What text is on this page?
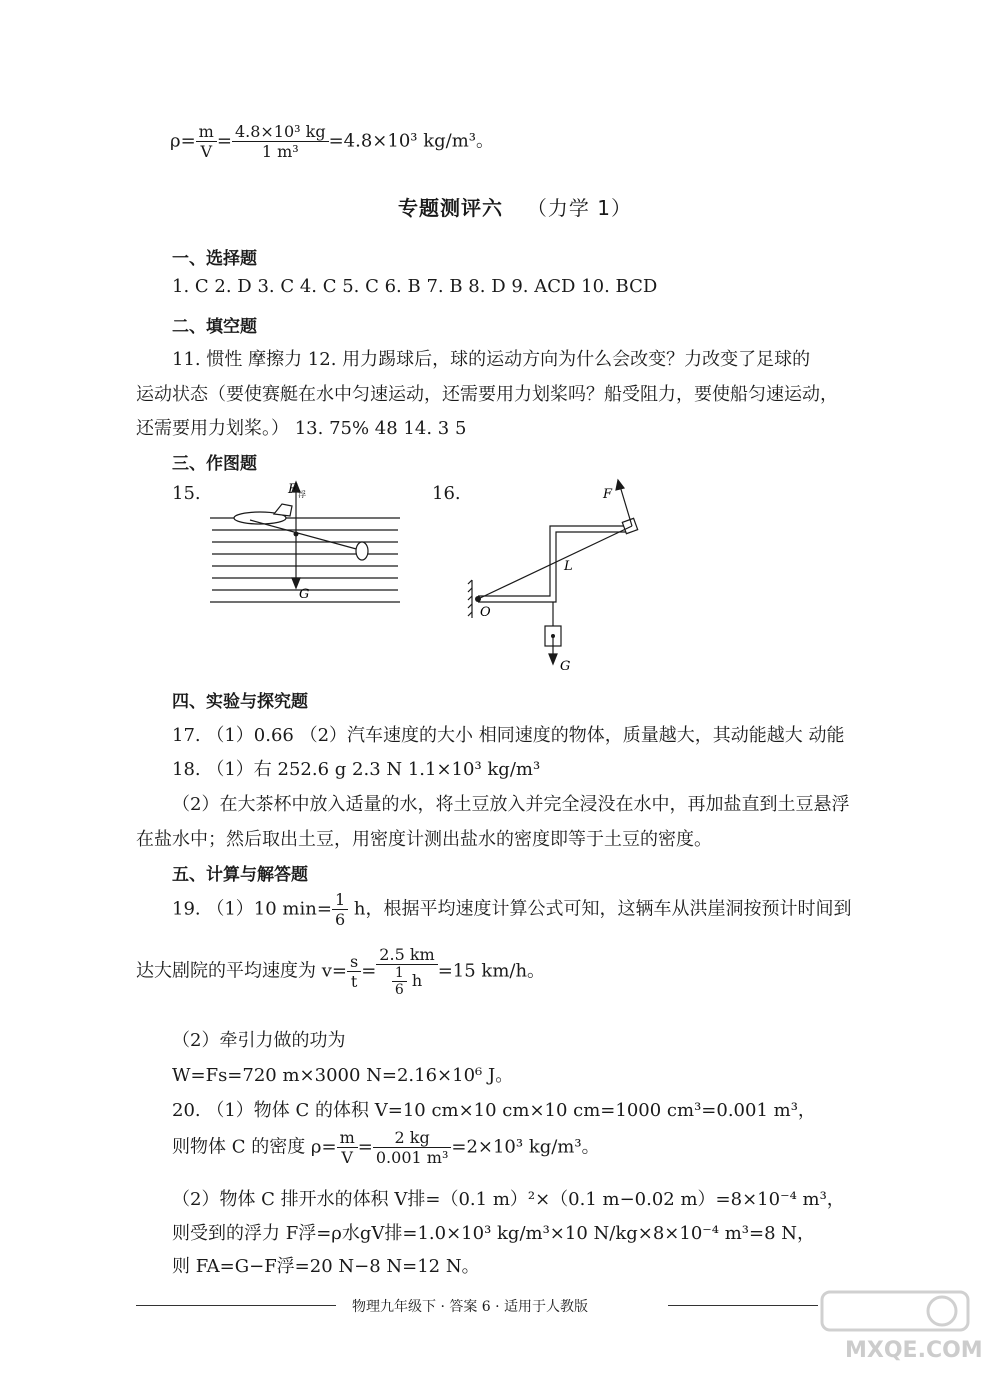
$\rho= \frac{m}{V} = \frac{\text{4.8×10³ kg}}{\text{1 m³}} =4.8\times 10^3$ kg/m³。
专题测评六 （力学 1）
一、选择题
1. C 2. D 3. C 4. C 5. C 6. B 7. B 8. D 9. ACD 10. BCD
二、填空题
11. 惯性 摩擦力 12. 用力踢球后，球的运动方向为什么会改变？力改变了足球的
运动状态（要使赛艇在水中匀速运动，还需要用力划桨吗？船受阻力，要使船匀速运动，
还需要用力划桨。） 13. 75% 48 14. 3 5
三、作图题
15.	16.
F 浮
G
F
L
O
G
四、实验与探究题
17. （1）0.66 （2）汽车速度的大小 相同速度的物体，质量越大，其动能越大 动能
18. （1）右 252.6 g 2.3 N 1.1×10³ kg/m³
（2）在大茶杯中放入适量的水，将土豆放入并完全浸没在水中，再加盐直到土豆悬浮
在盐水中；然后取出土豆，用密度计测出盐水的密度即等于土豆的密度。
五、计算与解答题
19. （1）10 $\min= \frac{1}{6}$ h，根据平均速度计算公式可知，这辆车从洪崖洞按预计时间到
达大剧院的平均速度为 $v= \frac{s}{t} = \frac{2.5 km}{\frac{1}{6} h} =15$ km/h。
（2）牵引力做的功为
W=Fs=720 m×3000 N=2.16×10⁶ J。
20. （1）物体 C 的体积 V=10 cm×10 cm×10 cm=1000 cm³=0.001 m³，
则物体 C 的密度 $\rho= \frac{m}{V} = \frac{2 kg}{\text{0.001 m³}} =2\times 10^3$ kg/m³。
（2）物体 C 排开水的体积 V排=（0.1 m）²×（0.1 m−0.02 m）=8×10⁻⁴ m³，
则受到的浮力 F浮=ρ水gV排=1.0×10³ kg/m³×10 N/kg×8×10⁻⁴ m³=8 N，
则 FA=G−F浮=20 N−8 N=12 N。
物理九年级下 · 答案 6 · 适用于人教版
MXQE.COM
